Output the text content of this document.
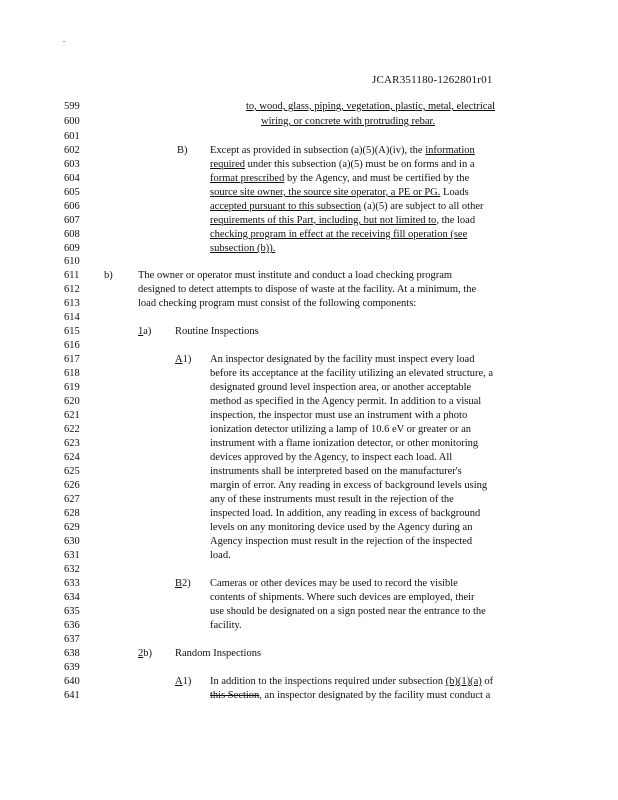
.
JCAR351180-1262801r01
599
600
601
602
603
604
605
606
607
608
609
610
611
612
613
614
615
616
617
618
619
620
621
622
623
624
625
626
627
628
629
630
631
632
633
634
635
636
637
638
639
640
641
to, wood, glass, piping, vegetation, plastic, metal, electrical
wiring, or concrete with protruding rebar.
B) Except as provided in subsection (a)(5)(A)(iv), the information
required under this subsection (a)(5) must be on forms and in a
format prescribed by the Agency, and must be certified by the
source site owner, the source site operator, a PE or PG. Loads
accepted pursuant to this subsection (a)(5) are subject to all other
requirements of this Part, including, but not limited to, the load
checking program in effect at the receiving fill operation (see
subsection (b)).
b) The owner or operator must institute and conduct a load checking program
designed to detect attempts to dispose of waste at the facility. At a minimum, the
load checking program must consist of the following components:
1a) Routine Inspections
A1) An inspector designated by the facility must inspect every load
before its acceptance at the facility utilizing an elevated structure, a
designated ground level inspection area, or another acceptable
method as specified in the Agency permit. In addition to a visual
inspection, the inspector must use an instrument with a photo
ionization detector utilizing a lamp of 10.6 eV or greater or an
instrument with a flame ionization detector, or other monitoring
devices approved by the Agency, to inspect each load. All
instruments shall be interpreted based on the manufacturer's
margin of error. Any reading in excess of background levels using
any of these instruments must result in the rejection of the
inspected load. In addition, any reading in excess of background
levels on any monitoring device used by the Agency during an
Agency inspection must result in the rejection of the inspected
load.
B2) Cameras or other devices may be used to record the visible
contents of shipments. Where such devices are employed, their
use should be designated on a sign posted near the entrance to the
facility.
2b) Random Inspections
A1) In addition to the inspections required under subsection (b)(1)(a) of
this Section, an inspector designated by the facility must conduct a
